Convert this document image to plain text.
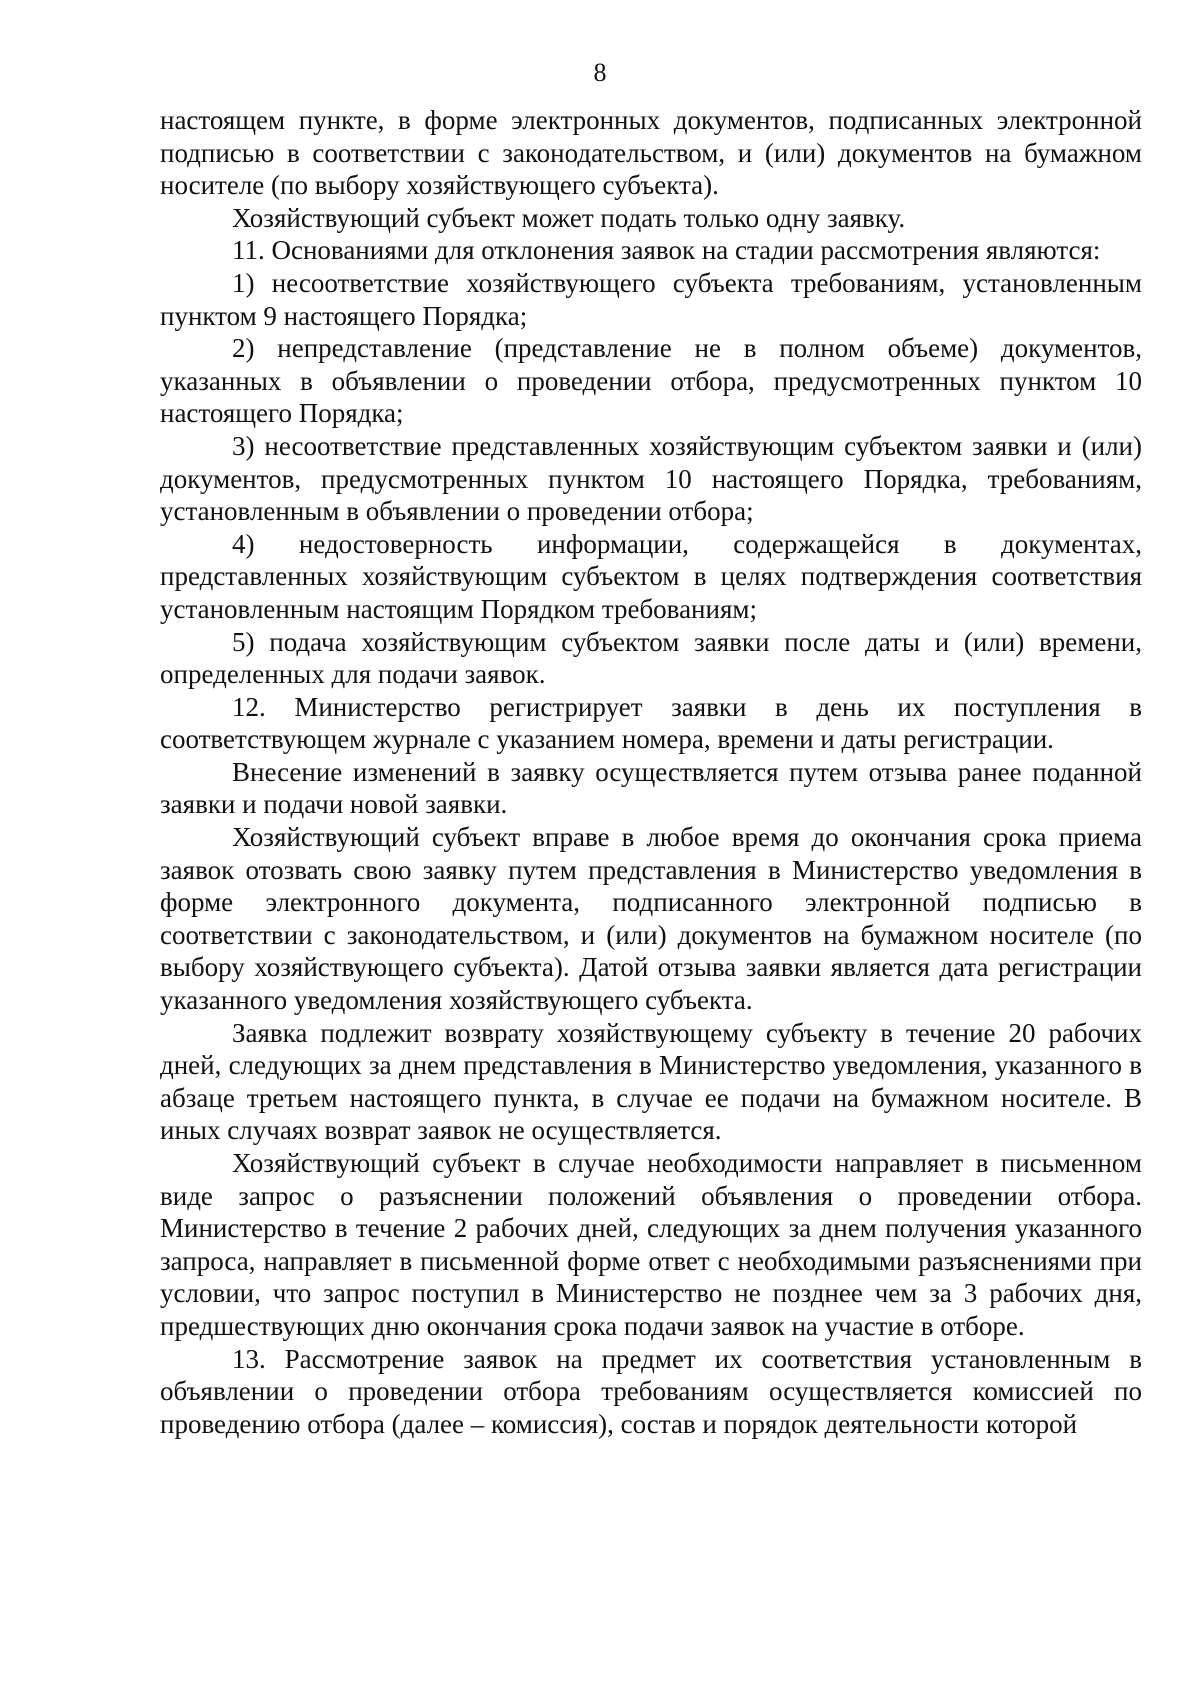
8

настоящем пункте, в форме электронных документов, подписанных электронной подписью в соответствии с законодательством, и (или) документов на бумажном носителе (по выбору хозяйствующего субъекта).

Хозяйствующий субъект может подать только одну заявку.

11. Основаниями для отклонения заявок на стадии рассмотрения являются:

1) несоответствие хозяйствующего субъекта требованиям, установленным пунктом 9 настоящего Порядка;

2) непредставление (представление не в полном объеме) документов, указанных в объявлении о проведении отбора, предусмотренных пунктом 10 настоящего Порядка;

3) несоответствие представленных хозяйствующим субъектом заявки и (или) документов, предусмотренных пунктом 10 настоящего Порядка, требованиям, установленным в объявлении о проведении отбора;

4) недостоверность информации, содержащейся в документах, представленных хозяйствующим субъектом в целях подтверждения соответствия установленным настоящим Порядком требованиям;

5) подача хозяйствующим субъектом заявки после даты и (или) времени, определенных для подачи заявок.

12. Министерство регистрирует заявки в день их поступления в соответствующем журнале с указанием номера, времени и даты регистрации.

Внесение изменений в заявку осуществляется путем отзыва ранее поданной заявки и подачи новой заявки.

Хозяйствующий субъект вправе в любое время до окончания срока приема заявок отозвать свою заявку путем представления в Министерство уведомления в форме электронного документа, подписанного электронной подписью в соответствии с законодательством, и (или) документов на бумажном носителе (по выбору хозяйствующего субъекта). Датой отзыва заявки является дата регистрации указанного уведомления хозяйствующего субъекта.

Заявка подлежит возврату хозяйствующему субъекту в течение 20 рабочих дней, следующих за днем представления в Министерство уведомления, указанного в абзаце третьем настоящего пункта, в случае ее подачи на бумажном носителе. В иных случаях возврат заявок не осуществляется.

Хозяйствующий субъект в случае необходимости направляет в письменном виде запрос о разъяснении положений объявления о проведении отбора. Министерство в течение 2 рабочих дней, следующих за днем получения указанного запроса, направляет в письменной форме ответ с необходимыми разъяснениями при условии, что запрос поступил в Министерство не позднее чем за 3 рабочих дня, предшествующих дню окончания срока подачи заявок на участие в отборе.

13. Рассмотрение заявок на предмет их соответствия установленным в объявлении о проведении отбора требованиям осуществляется комиссией по проведению отбора (далее – комиссия), состав и порядок деятельности которой
